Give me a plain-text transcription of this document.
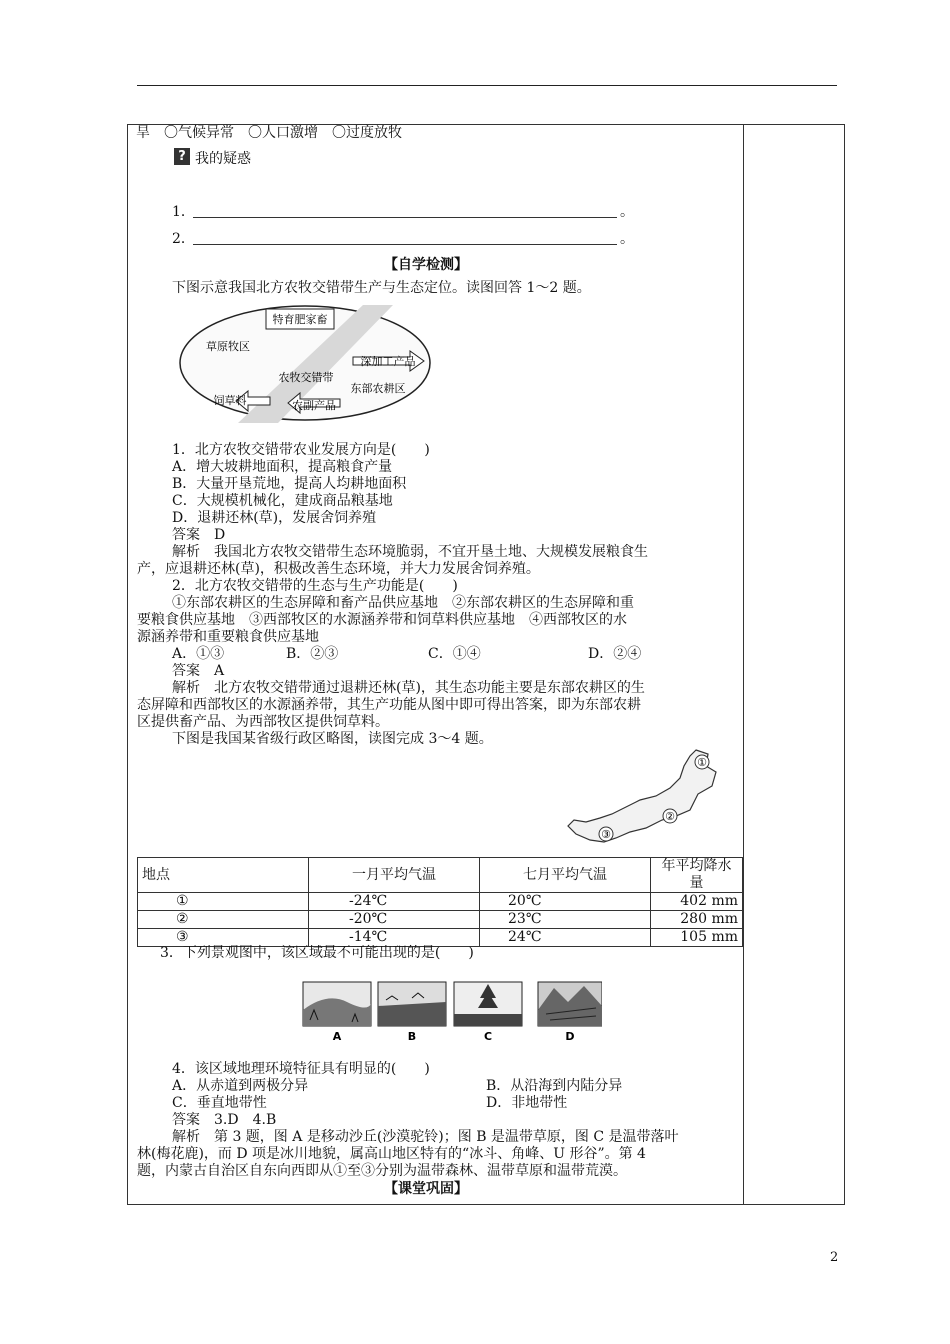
旱　〇气候异常　〇人口激增　〇过度放牧
? 我的疑惑
1．	。
2．	。
【自学检测】
下图示意我国北方农牧交错带生产与生态定位。读图回答 1～2 题。
特育肥家畜
草原牧区
深加工产品
农牧交错带
饲草料
东部农耕区
农副产品
1．北方农牧交错带农业发展方向是(　　)
A．增大坡耕地面积，提高粮食产量
B．大量开垦荒地，提高人均耕地面积
C．大规模机械化，建成商品粮基地
D．退耕还林(草)，发展舍饲养殖
答案　D
解析　我国北方农牧交错带生态环境脆弱，不宜开垦土地、大规模发展粮食生
产，应退耕还林(草)，积极改善生态环境，并大力发展舍饲养殖。
2．北方农牧交错带的生态与生产功能是(　　)
①东部农耕区的生态屏障和畜产品供应基地　②东部农耕区的生态屏障和重
要粮食供应基地　③西部牧区的水源涵养带和饲草料供应基地　④西部牧区的水
源涵养带和重要粮食供应基地
A．①③	B．②③	C．①④	D．②④
答案　A
解析　北方农牧交错带通过退耕还林(草)，其生态功能主要是东部农耕区的生
态屏障和西部牧区的水源涵养带，其生产功能从图中即可得出答案，即为东部农耕
区提供畜产品、为西部牧区提供饲草料。
下图是我国某省级行政区略图，读图完成 3～4 题。
①
②
③
地点	一月平均气温	七月平均气温	年平均降水量
①	-24℃	20℃	402 mm
②	-20℃	23℃	280 mm
③	-14℃	24℃	105 mm
3．下列景观图中，该区域最不可能出现的是(　　)
A	B	C	D
4．该区域地理环境特征具有明显的(　　)
A．从赤道到两极分异	B．从沿海到内陆分异
C．垂直地带性	D．非地带性
答案　3.D　4.B
解析　第 3 题，图 A 是移动沙丘(沙漠驼铃)；图 B 是温带草原，图 C 是温带落叶
林(梅花鹿)，而 D 项是冰川地貌，属高山地区特有的“冰斗、角峰、U 形谷”。第 4
题，内蒙古自治区自东向西即从①至③分别为温带森林、温带草原和温带荒漠。
【课堂巩固】
2
